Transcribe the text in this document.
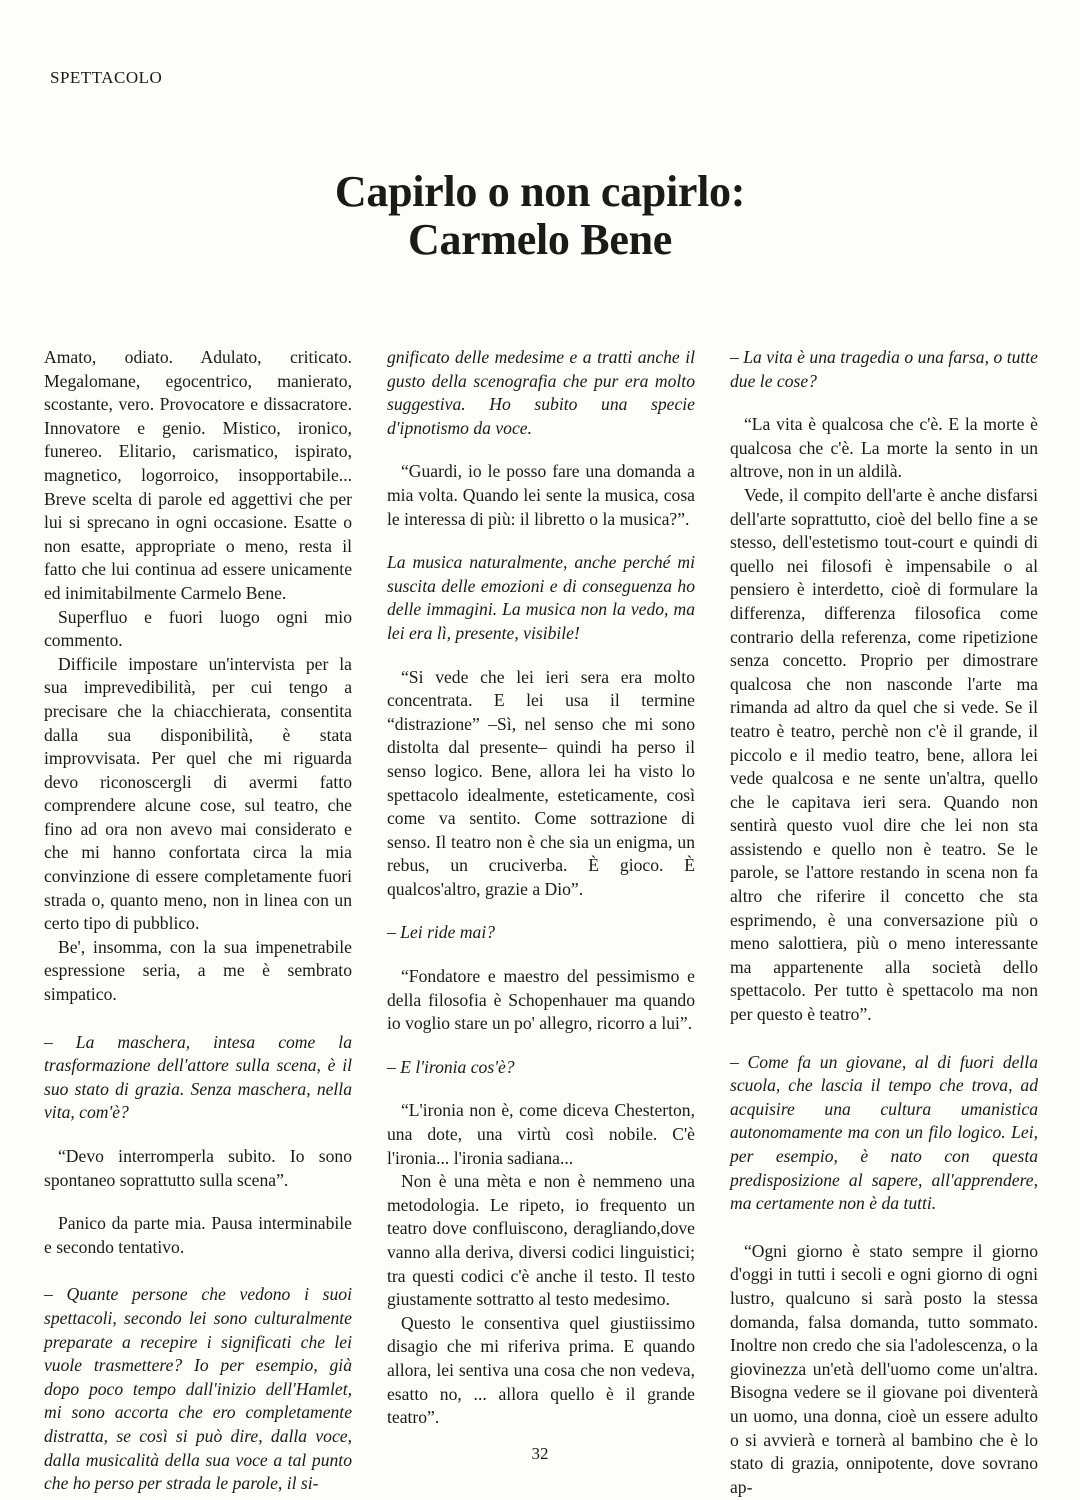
SPETTACOLO
Capirlo o non capirlo:
Carmelo Bene

Amato, odiato. Adulato, criticato. Megalomane, egocentrico, manierato, scostante, vero. Provocatore e dissacratore. Innovatore e genio. Mistico, ironico, funereo. Elitario, carismatico, ispirato, magnetico, logorroico, insopportabile... Breve scelta di parole ed aggettivi che per lui si sprecano in ogni occasione. Esatte o non esatte, appropriate o meno, resta il fatto che lui continua ad essere unicamente ed inimitabilmente Carmelo Bene.

Superfluo e fuori luogo ogni mio commento.

Difficile impostare un'intervista per la sua imprevedibilità, per cui tengo a precisare che la chiacchierata, consentita dalla sua disponibilità, è stata improvvisata. Per quel che mi riguarda devo riconoscergli di avermi fatto comprendere alcune cose, sul teatro, che fino ad ora non avevo mai considerato e che mi hanno confortata circa la mia convinzione di essere completamente fuori strada o, quanto meno, non in linea con un certo tipo di pubblico.

Be', insomma, con la sua impenetrabile espressione seria, a me è sembrato simpatico.

– La maschera, intesa come la trasformazione dell'attore sulla scena, è il suo stato di grazia. Senza maschera, nella vita, com'è?

“Devo interromperla subito. Io sono spontaneo soprattutto sulla scena”.

Panico da parte mia. Pausa interminabile e secondo tentativo.

– Quante persone che vedono i suoi spettacoli, secondo lei sono culturalmente preparate a recepire i significati che lei vuole trasmettere? Io per esempio, già dopo poco tempo dall'inizio dell'Hamlet, mi sono accorta che ero completamente distratta, se così si può dire, dalla voce, dalla musicalità della sua voce a tal punto che ho perso per strada le parole, il si-

gnificato delle medesime e a tratti anche il gusto della scenografia che pur era molto suggestiva. Ho subito una specie d'ipnotismo da voce.

“Guardi, io le posso fare una domanda a mia volta. Quando lei sente la musica, cosa le interessa di più: il libretto o la musica?”.

La musica naturalmente, anche perché mi suscita delle emozioni e di conseguenza ho delle immagini. La musica non la vedo, ma lei era lì, presente, visibile!

“Si vede che lei ieri sera era molto concentrata. E lei usa il termine “distrazione” –Sì, nel senso che mi sono distolta dal presente– quindi ha perso il senso logico. Bene, allora lei ha visto lo spettacolo idealmente, esteticamente, così come va sentito. Come sottrazione di senso. Il teatro non è che sia un enigma, un rebus, un cruciverba. È gioco. È qualcos'altro, grazie a Dio”.

– Lei ride mai?

“Fondatore e maestro del pessimismo e della filosofia è Schopenhauer ma quando io voglio stare un po' allegro, ricorro a lui”.

– E l'ironia cos'è?

“L'ironia non è, come diceva Chesterton, una dote, una virtù così nobile. C'è l'ironia... l'ironia sadiana...

Non è una mèta e non è nemmeno una metodologia. Le ripeto, io frequento un teatro dove confluiscono, deragliando,dove vanno alla deriva, diversi codici linguistici; tra questi codici c'è anche il testo. Il testo giustamente sottratto al testo medesimo.

Questo le consentiva quel giustiissimo disagio che mi riferiva prima. E quando allora, lei sentiva una cosa che non vedeva, esatto no, ... allora quello è il grande teatro”.

– La vita è una tragedia o una farsa, o tutte due le cose?

“La vita è qualcosa che c'è. E la morte è qualcosa che c'è. La morte la sento in un altrove, non in un aldilà.

Vede, il compito dell'arte è anche disfarsi dell'arte soprattutto, cioè del bello fine a se stesso, dell'estetismo tout-court e quindi di quello nei filosofi è impensabile o al pensiero è interdetto, cioè di formulare la differenza, differenza filosofica come contrario della referenza, come ripetizione senza concetto. Proprio per dimostrare qualcosa che non nasconde l'arte ma rimanda ad altro da quel che si vede. Se il teatro è teatro, perchè non c'è il grande, il piccolo e il medio teatro, bene, allora lei vede qualcosa e ne sente un'altra, quello che le capitava ieri sera. Quando non sentirà questo vuol dire che lei non sta assistendo e quello non è teatro. Se le parole, se l'attore restando in scena non fa altro che riferire il concetto che sta esprimendo, è una conversazione più o meno salottiera, più o meno interessante ma appartenente alla società dello spettacolo. Per tutto è spettacolo ma non per questo è teatro”.

– Come fa un giovane, al di fuori della scuola, che lascia il tempo che trova, ad acquisire una cultura umanistica autonomamente ma con un filo logico. Lei, per esempio, è nato con questa predisposizione al sapere, all'apprendere, ma certamente non è da tutti.

“Ogni giorno è stato sempre il giorno d'oggi in tutti i secoli e ogni giorno di ogni lustro, qualcuno si sarà posto la stessa domanda, falsa domanda, tutto sommato. Inoltre non credo che sia l'adolescenza, o la giovinezza un'età dell'uomo come un'altra. Bisogna vedere se il giovane poi diventerà un uomo, una donna, cioè un essere adulto o si avvierà e tornerà al bambino che è lo stato di grazia, onnipotente, dove sovrano ap-

32
